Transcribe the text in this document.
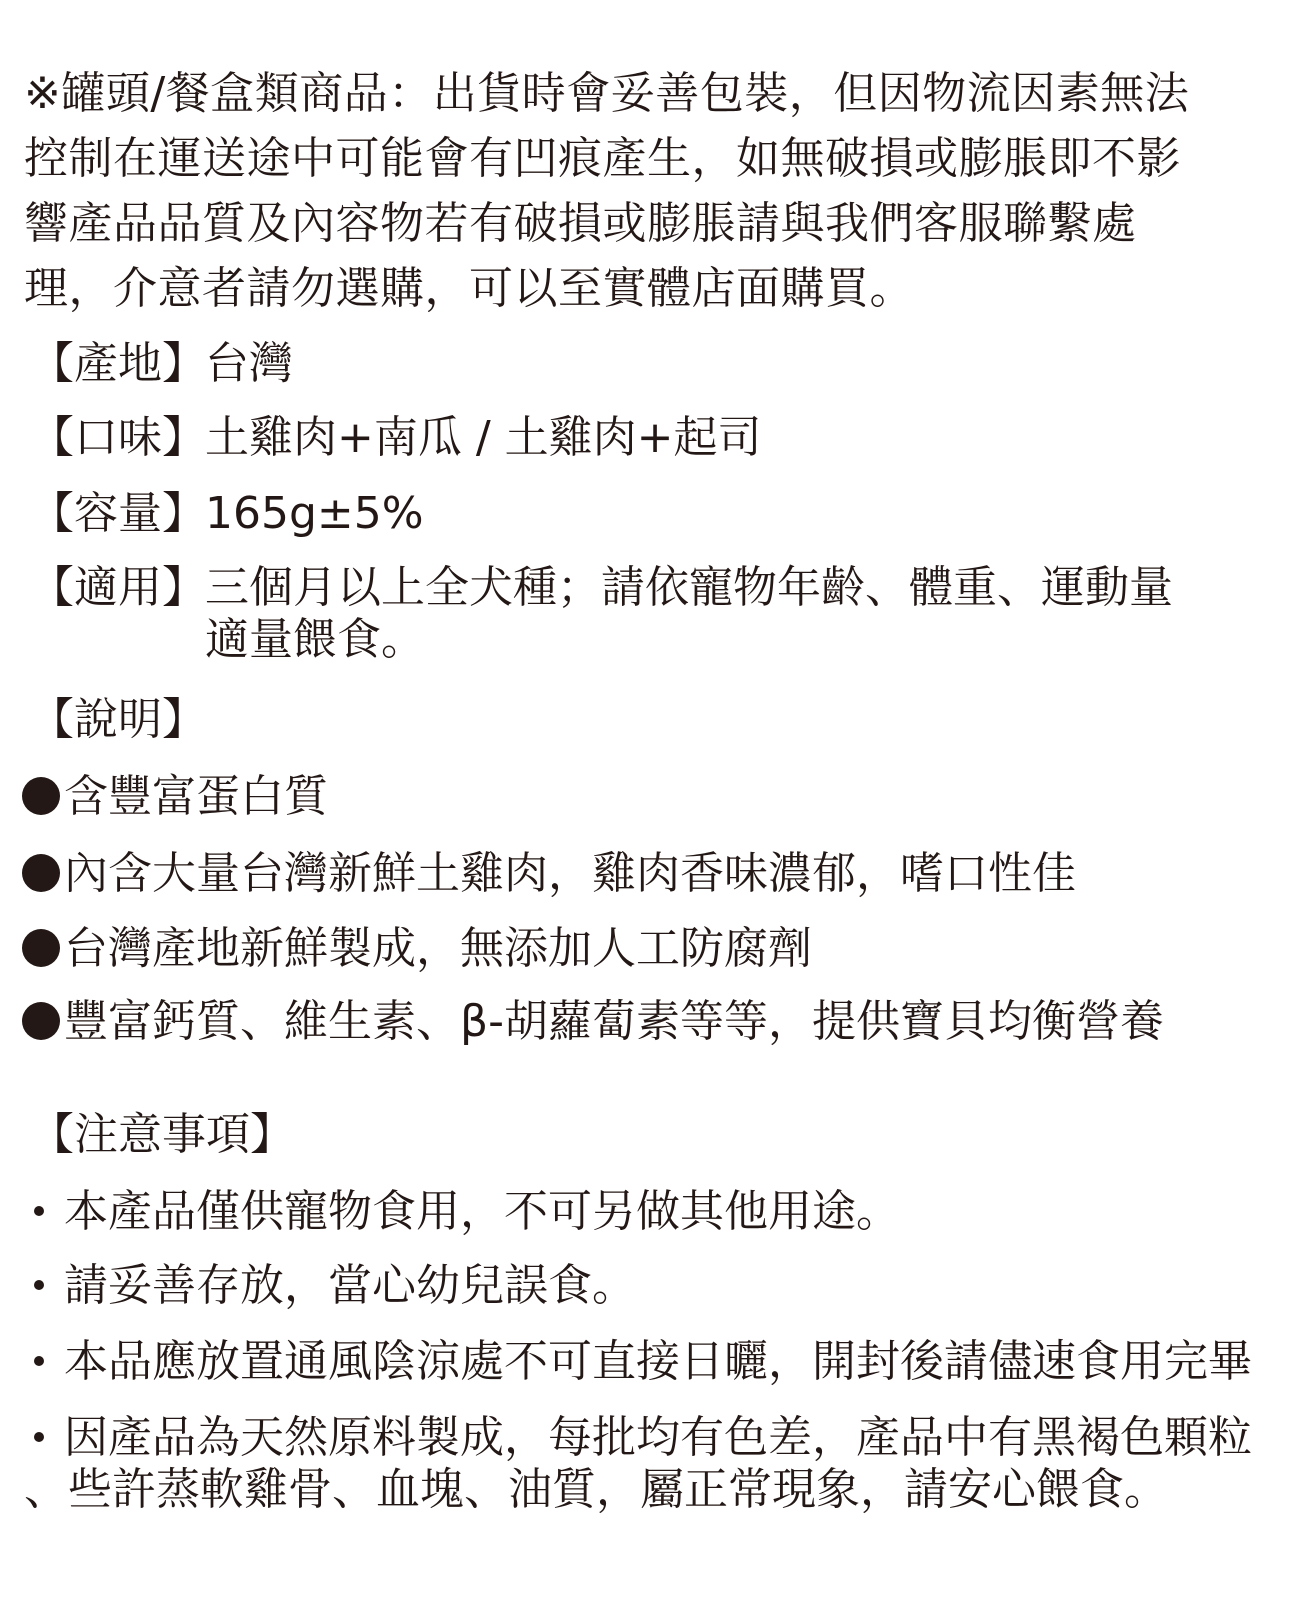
※罐頭/餐盒類商品：出貨時會妥善包裝，但因物流因素無法
控制在運送途中可能會有凹痕產生，如無破損或膨脹即不影
響產品品質及內容物若有破損或膨脹請與我們客服聯繫處
理，介意者請勿選購，可以至實體店面購買。
【產地】 台灣
【口味】 土雞肉+南瓜 / 土雞肉+起司
【容量】 165g±5%
【適用】 三個月以上全犬種；請依寵物年齡、體重、運動量
適量餵食。
【說明】
含豐富蛋白質
內含大量台灣新鮮土雞肉，雞肉香味濃郁，嗜口性佳
台灣產地新鮮製成，無添加人工防腐劑
豐富鈣質、維生素、β-胡蘿蔔素等等，提供寶貝均衡營養
【注意事項】
本產品僅供寵物食用，不可另做其他用途。
請妥善存放，當心幼兒誤食。
本品應放置通風陰涼處不可直接日曬，開封後請儘速食用完畢
因產品為天然原料製成，每批均有色差，產品中有黑褐色顆粒
、些許蒸軟雞骨、血塊、油質，屬正常現象，請安心餵食。
